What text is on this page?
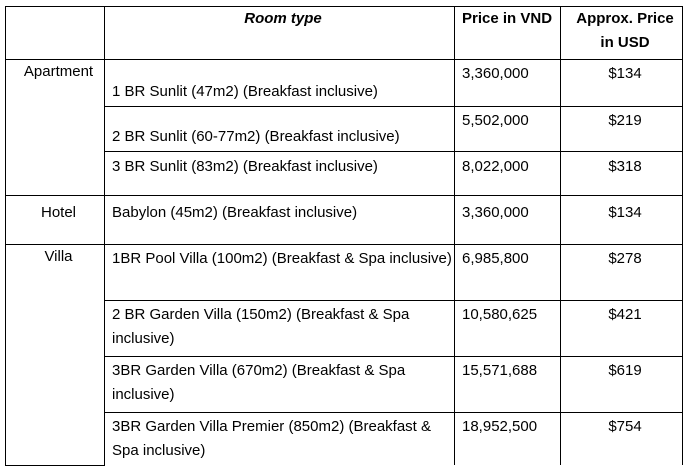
	Room type	Price in VND	Approx. Price in USD
Apartment	1 BR Sunlit (47m2) (Breakfast inclusive)	3,360,000	$134
	2 BR Sunlit (60-77m2) (Breakfast inclusive)	5,502,000	$219
	3 BR Sunlit (83m2) (Breakfast inclusive)	8,022,000	$318
Hotel	Babylon (45m2) (Breakfast inclusive)	3,360,000	$134
Villa	1BR Pool Villa (100m2) (Breakfast & Spa inclusive)	6,985,800	$278
	2 BR Garden Villa (150m2) (Breakfast & Spa inclusive)	10,580,625	$421
	3BR Garden Villa (670m2) (Breakfast & Spa inclusive)	15,571,688	$619
	3BR Garden Villa Premier (850m2) (Breakfast & Spa inclusive)	18,952,500	$754
